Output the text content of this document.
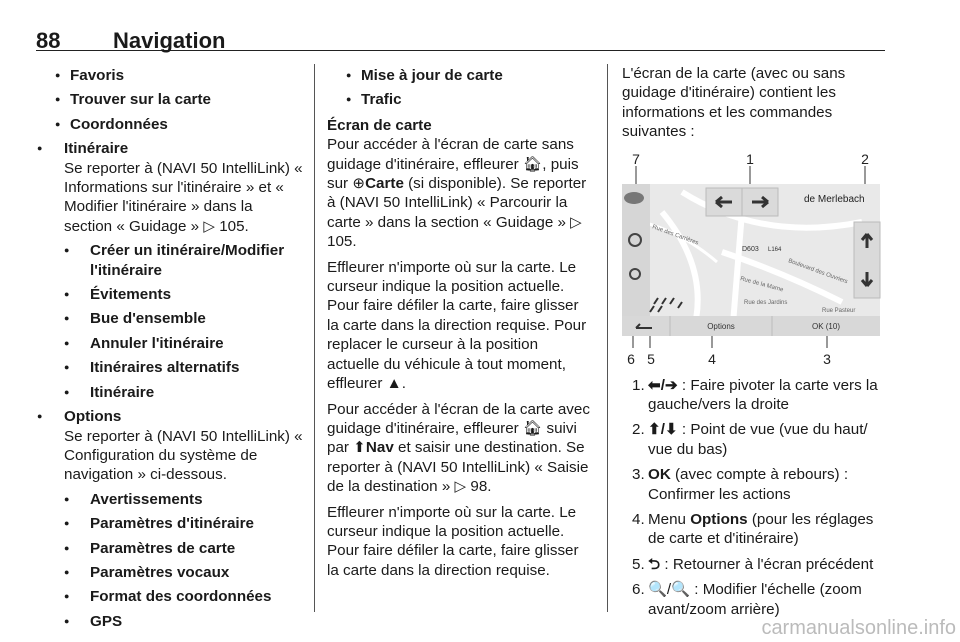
88 Navigation
● Favoris
● Trouver sur la carte
● Coordonnées
● Itinéraire
Se reporter à (NAVI 50 IntelliLink) « Informations sur l'itinéraire » et « Modifier l'itinéraire » dans la section « Guidage » ▷ 105.
● Créer un itinéraire/Modifier l'itinéraire
● Évitements
● Bue d'ensemble
● Annuler l'itinéraire
● Itinéraires alternatifs
● Itinéraire
● Options
Se reporter à (NAVI 50 IntelliLink) « Configuration du système de navigation » ci-dessous.
● Avertissements
● Paramètres d'itinéraire
● Paramètres de carte
● Paramètres vocaux
● Format des coordonnées
● GPS
● Mise à jour de carte
● Trafic
Écran de carte
Pour accéder à l'écran de carte sans guidage d'itinéraire, effleurer 🏠︎, puis sur ⊕Carte (si disponible). Se reporter à (NAVI 50 IntelliLink) « Parcourir la carte » dans la section « Guidage » ▷ 105.
Effleurer n'importe où sur la carte. Le curseur indique la position actuelle. Pour faire défiler la carte, faire glisser la carte dans la direction requise. Pour replacer le curseur à la position actuelle du véhicule à tout moment, effleurer ▲.
Pour accéder à l'écran de la carte avec guidage d'itinéraire, effleurer 🏠︎ suivi par ⬆Nav et saisir une destination. Se reporter à (NAVI 50 IntelliLink) « Saisie de la destination » ▷ 98.
Effleurer n'importe où sur la carte. Le curseur indique la position actuelle. Pour faire défiler la carte, faire glisser la carte dans la direction requise.
L'écran de la carte (avec ou sans guidage d'itinéraire) contient les informations et les commandes suivantes :
de Merlebach
D603 L164
Rue des Carrières
Rue de la Marne
Rue des Jardins
Rue Pasteur
Boulevard des Ouvriers
Options	OK (10)
7	1	2
6 5	4	3
1. ⬅/➔ : Faire pivoter la carte vers la gauche/vers la droite
2. ⬆/⬇ : Point de vue (vue du haut/ vue du bas)
3. OK (avec compte à rebours) : Confirmer les actions
4. Menu Options (pour les réglages de carte et d'itinéraire)
5. ⮌ : Retourner à l'écran précédent
6. 🔍/🔍 : Modifier l'échelle (zoom avant/zoom arrière)
carmanualsonline.info
